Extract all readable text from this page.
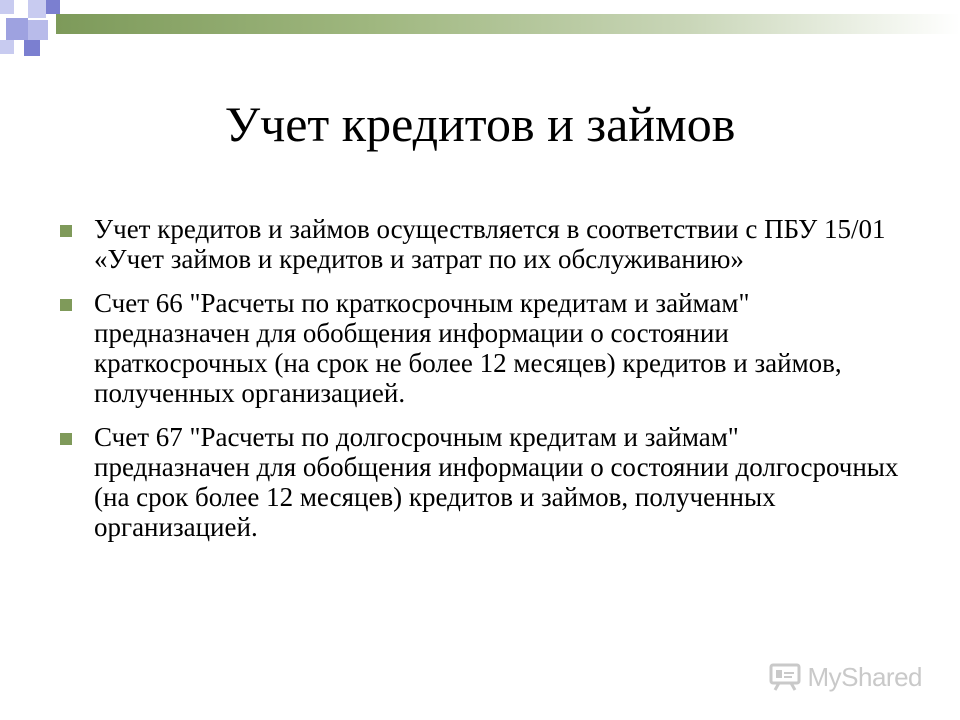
Учет кредитов и займов
Учет кредитов и займов осуществляется в соответствии с ПБУ 15/01 «Учет займов и кредитов и затрат по их обслуживанию»
Счет 66 "Расчеты по краткосрочным кредитам и займам" предназначен для обобщения информации о состоянии краткосрочных (на срок не более 12 месяцев) кредитов и займов, полученных организацией.
Счет 67 "Расчеты по долгосрочным кредитам и займам" предназначен для обобщения информации о состоянии долгосрочных (на срок более 12 месяцев) кредитов и займов, полученных организацией.
MyShared
